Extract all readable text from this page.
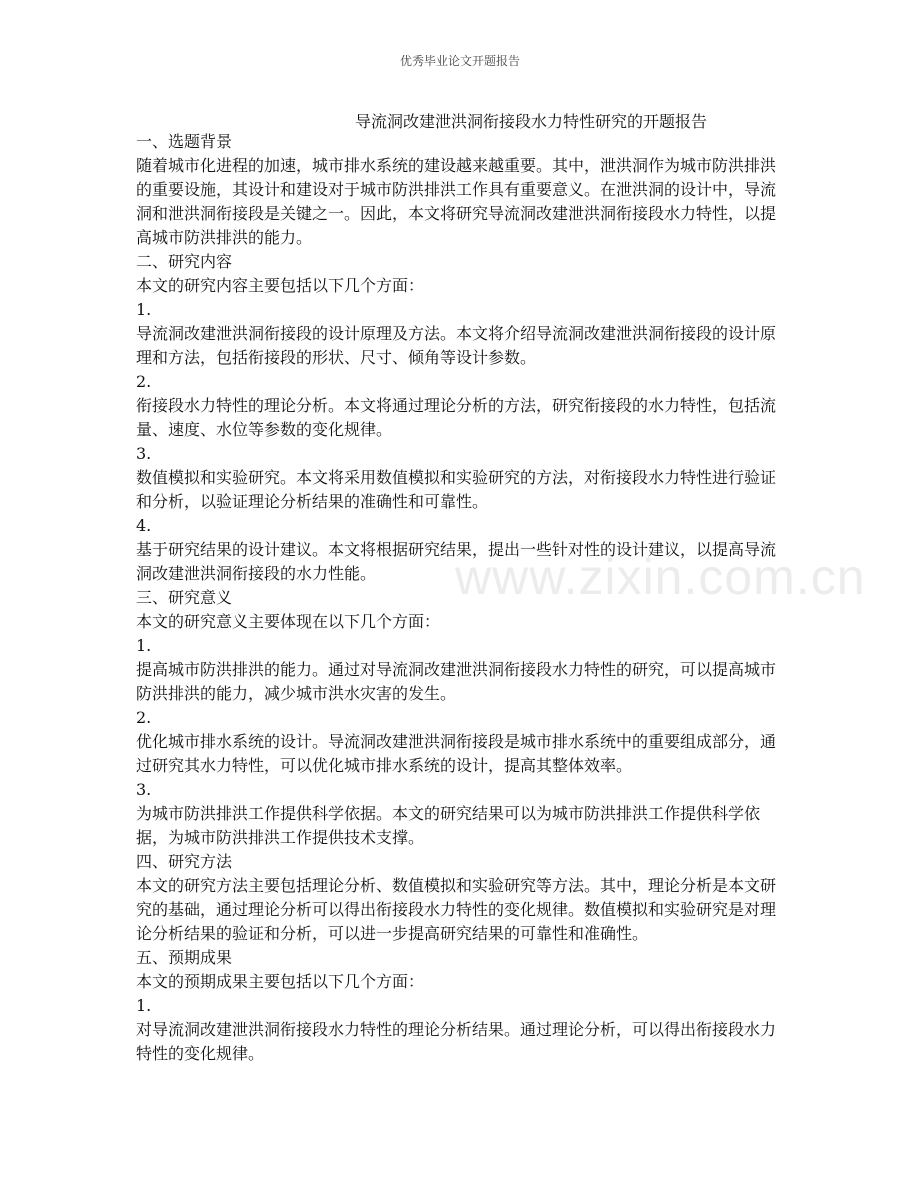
优秀毕业论文开题报告
导流洞改建泄洪洞衔接段水力特性研究的开题报告

一、选题背景

随着城市化进程的加速，城市排水系统的建设越来越重要。其中，泄洪洞作为城市防洪排洪的重要设施，其设计和建设对于城市防洪排洪工作具有重要意义。在泄洪洞的设计中，导流洞和泄洪洞衔接段是关键之一。因此，本文将研究导流洞改建泄洪洞衔接段水力特性，以提高城市防洪排洪的能力。

二、研究内容

本文的研究内容主要包括以下几个方面：

1.

导流洞改建泄洪洞衔接段的设计原理及方法。本文将介绍导流洞改建泄洪洞衔接段的设计原理和方法，包括衔接段的形状、尺寸、倾角等设计参数。

2.

衔接段水力特性的理论分析。本文将通过理论分析的方法，研究衔接段的水力特性，包括流量、速度、水位等参数的变化规律。

3.

数值模拟和实验研究。本文将采用数值模拟和实验研究的方法，对衔接段水力特性进行验证和分析，以验证理论分析结果的准确性和可靠性。

4.

基于研究结果的设计建议。本文将根据研究结果，提出一些针对性的设计建议，以提高导流洞改建泄洪洞衔接段的水力性能。

三、研究意义

本文的研究意义主要体现在以下几个方面：

1.

提高城市防洪排洪的能力。通过对导流洞改建泄洪洞衔接段水力特性的研究，可以提高城市防洪排洪的能力，减少城市洪水灾害的发生。

2.

优化城市排水系统的设计。导流洞改建泄洪洞衔接段是城市排水系统中的重要组成部分，通过研究其水力特性，可以优化城市排水系统的设计，提高其整体效率。

3.

为城市防洪排洪工作提供科学依据。本文的研究结果可以为城市防洪排洪工作提供科学依据，为城市防洪排洪工作提供技术支撑。

四、研究方法

本文的研究方法主要包括理论分析、数值模拟和实验研究等方法。其中，理论分析是本文研究的基础，通过理论分析可以得出衔接段水力特性的变化规律。数值模拟和实验研究是对理论分析结果的验证和分析，可以进一步提高研究结果的可靠性和准确性。

五、预期成果

本文的预期成果主要包括以下几个方面：

1.

对导流洞改建泄洪洞衔接段水力特性的理论分析结果。通过理论分析，可以得出衔接段水力特性的变化规律。

www.zixin.com.cn
